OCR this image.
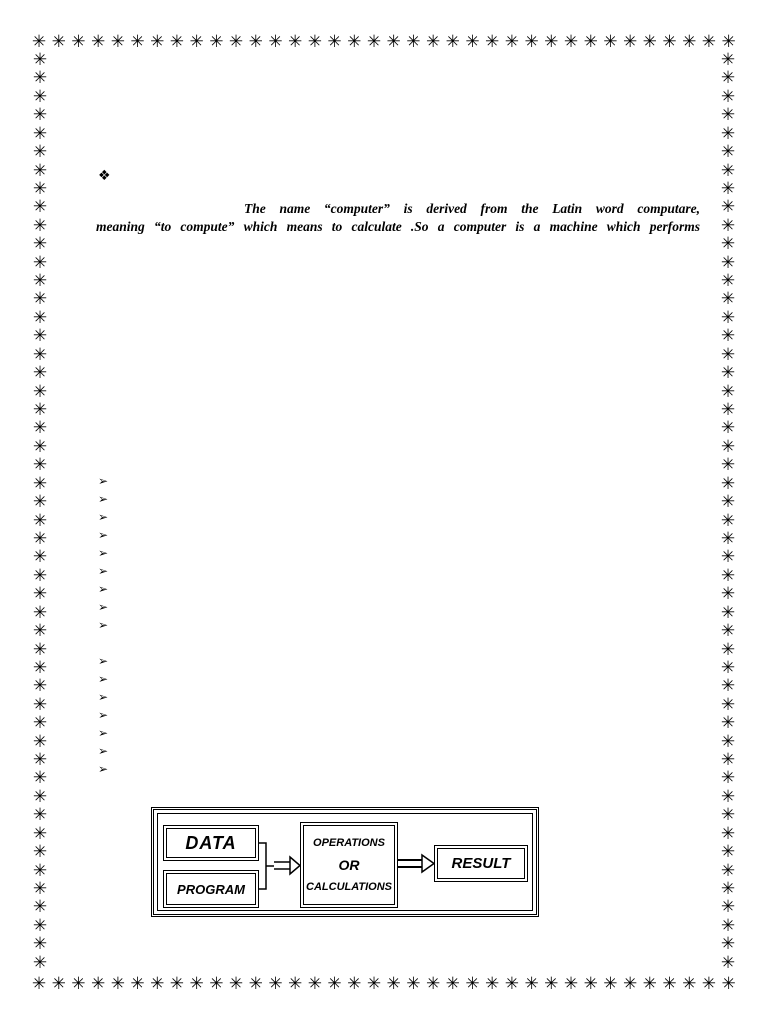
✳ ✳ ✳ ✳ ✳ ✳ ✳ ✳ ✳ ✳ ✳ ✳ ✳ ✳ ✳ ✳ ✳ ✳ ✳ ✳ ✳ ✳ ✳ ✳ ✳ ✳ ✳ ✳ ✳ ✳ ✳ ✳ ✳ ✳ ✳ ✳
✳ ✳ ✳ ✳ ✳ ✳ ✳ ✳ ✳ ✳ ✳ ✳ ✳ ✳ ✳ ✳ ✳ ✳ ✳ ✳ ✳ ✳ ✳ ✳ ✳ ✳ ✳ ✳ ✳ ✳ ✳ ✳ ✳ ✳ ✳ ✳
✳
✳
✳
✳
✳
✳
✳
✳
✳
✳
✳
✳
✳
✳
✳
✳
✳
✳
✳
✳
✳
✳
✳
✳
✳
✳
✳
✳
✳
✳
✳
✳
✳
✳
✳
✳
✳
✳
✳
✳
✳
✳
✳
✳
✳
✳
✳
✳
✳
✳
✳
✳
✳
✳
✳
✳
✳
✳
✳
✳
✳
✳
✳
✳
✳
✳
✳
✳
✳
✳
✳
✳
✳
✳
✳
✳
✳
✳
✳
✳
✳
✳
✳
✳
✳
✳
✳
✳
✳
✳
✳
✳
✳
✳
✳
✳
✳
✳
✳
✳
❖

The name “computer” is derived from the Latin word computare,
meaning “to compute” which means to calculate .So a computer is a machine which performs

➢
➢
➢
➢
➢
➢
➢
➢
➢
➢
➢
➢
➢
➢
➢
➢
DATA
PROGRAM
OPERATIONS
OR
CALCULATIONS
RESULT
